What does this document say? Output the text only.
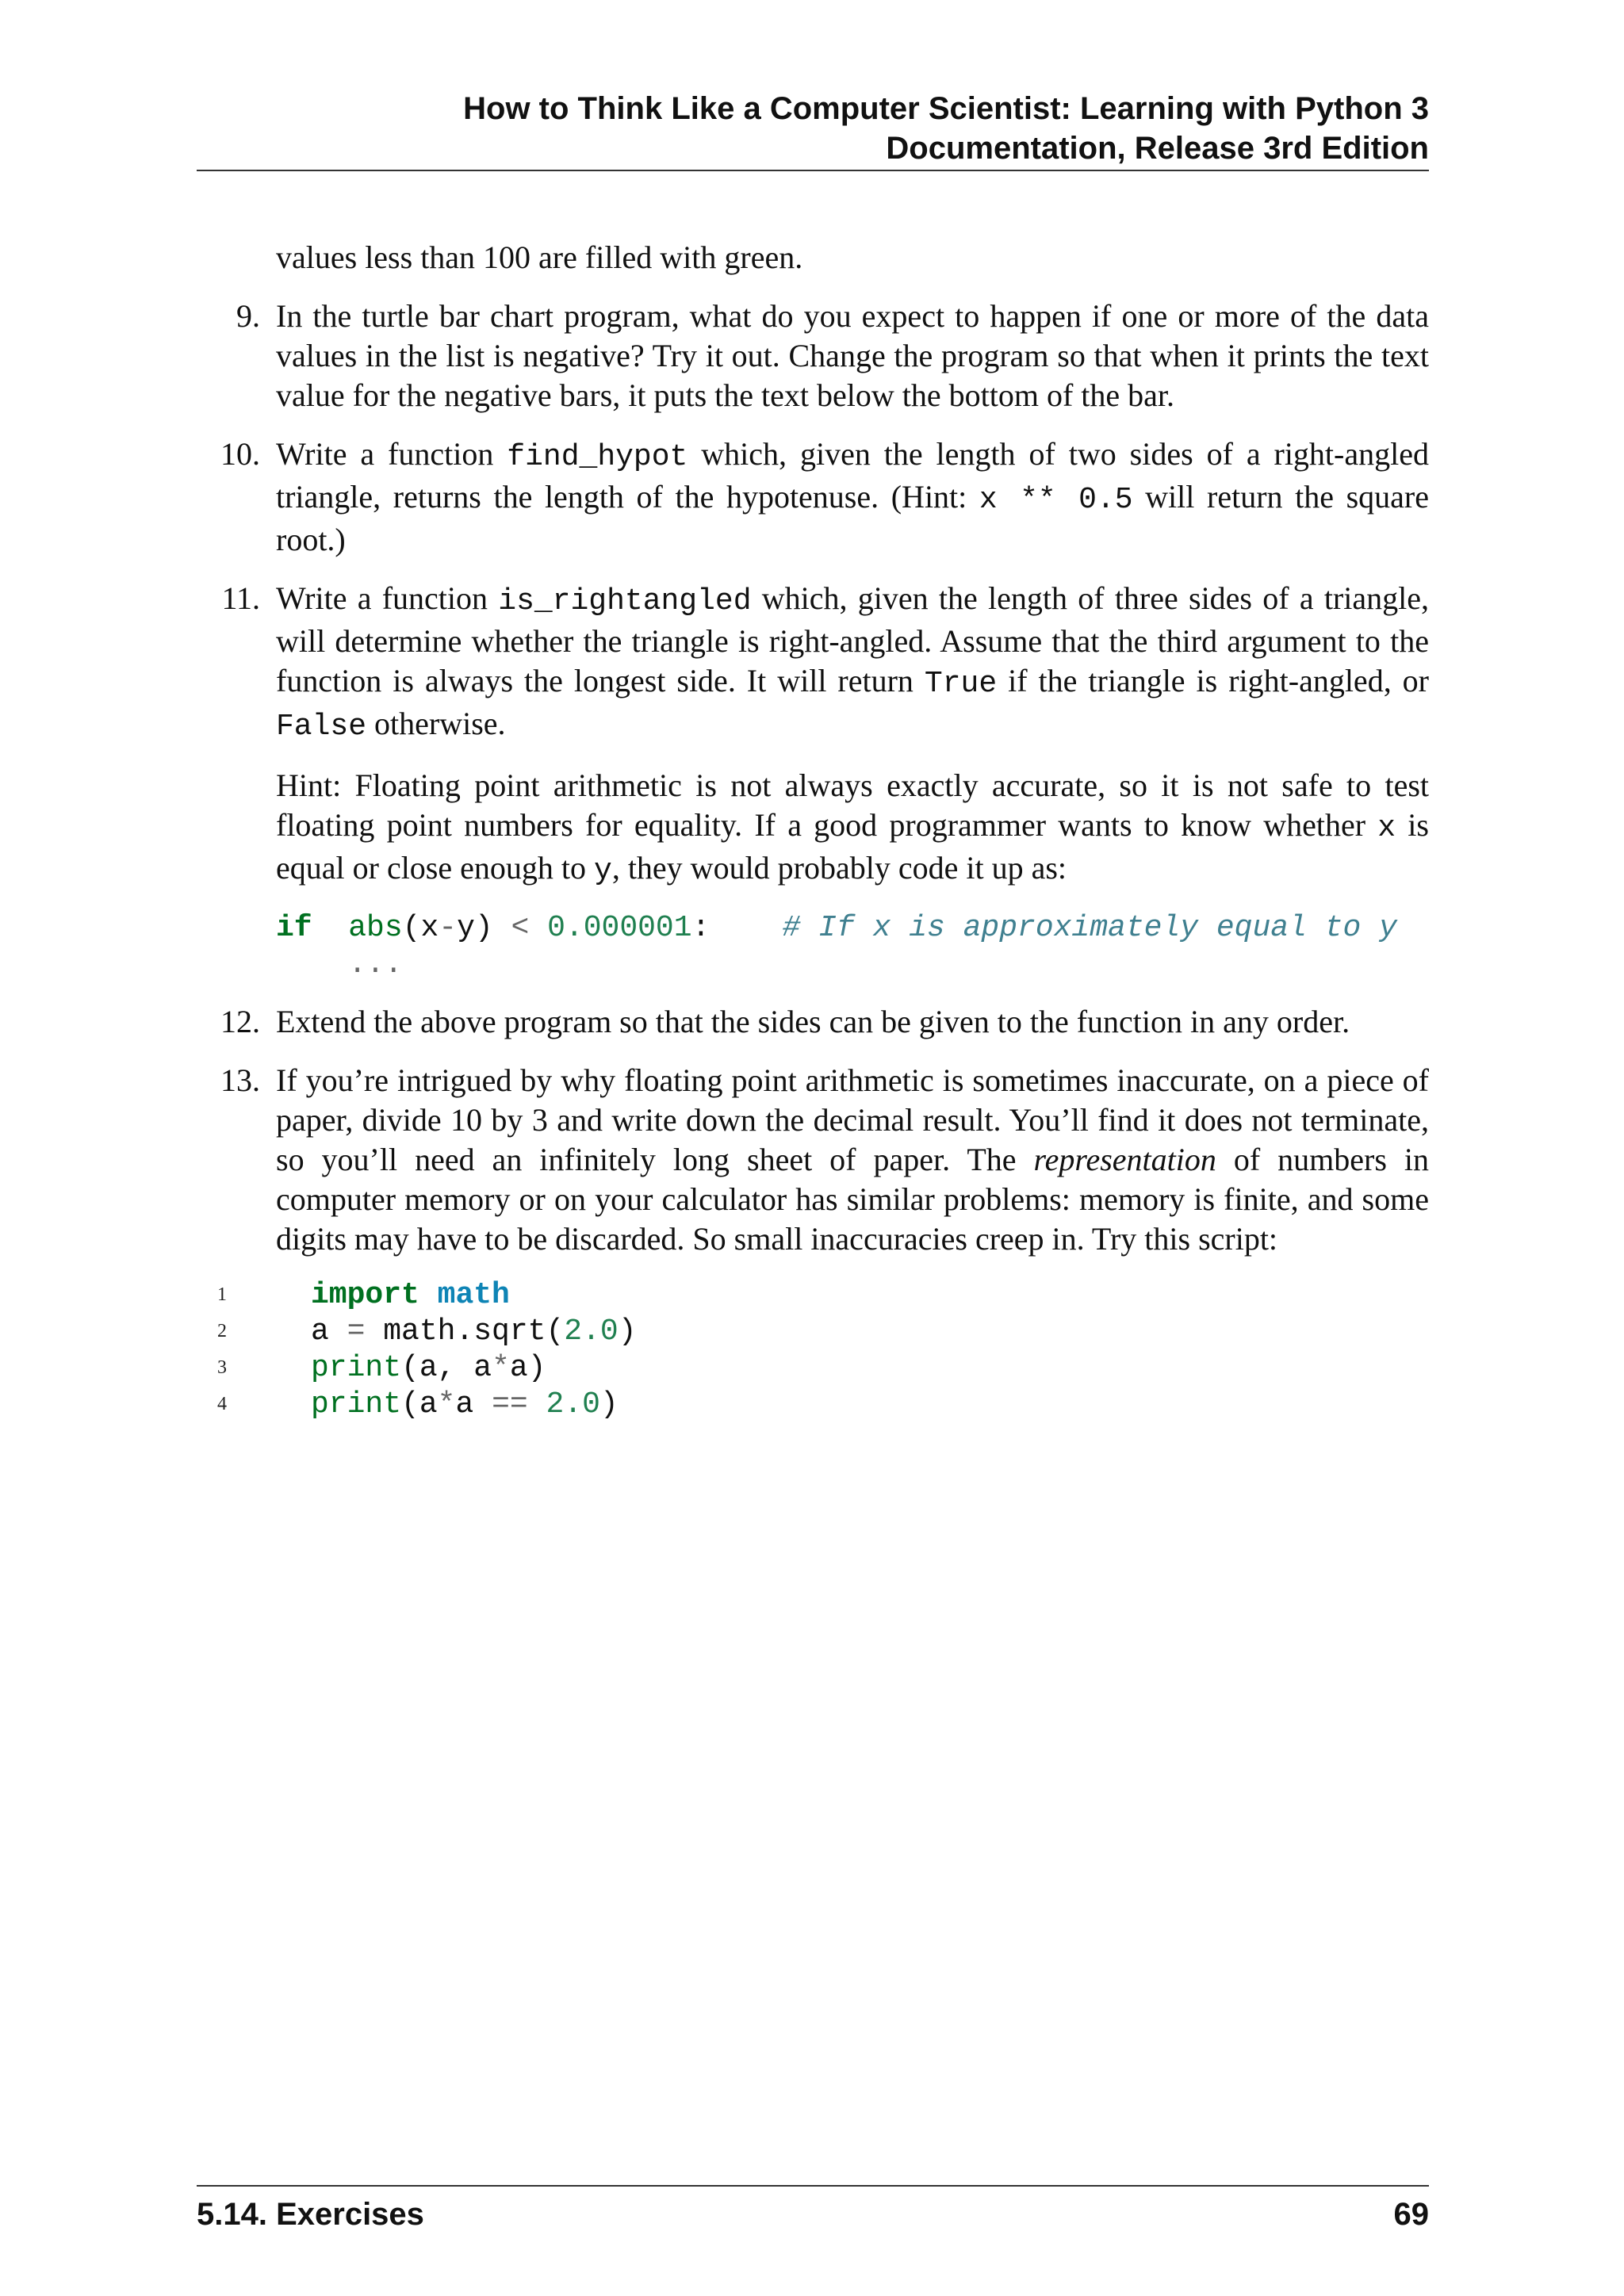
How to Think Like a Computer Scientist: Learning with Python 3
Documentation, Release 3rd Edition
values less than 100 are filled with green.
9. In the turtle bar chart program, what do you expect to happen if one or more of the data values in the list is negative? Try it out. Change the program so that when it prints the text value for the negative bars, it puts the text below the bottom of the bar.
10. Write a function find_hypot which, given the length of two sides of a right-angled triangle, returns the length of the hypotenuse. (Hint: x ** 0.5 will return the square root.)
11. Write a function is_rightangled which, given the length of three sides of a triangle, will determine whether the triangle is right-angled. Assume that the third argument to the function is always the longest side. It will return True if the triangle is right-angled, or False otherwise.
Hint: Floating point arithmetic is not always exactly accurate, so it is not safe to test floating point numbers for equality. If a good programmer wants to know whether x is equal or close enough to y, they would probably code it up as:
if abs(x-y) < 0.000001: # If x is approximately equal to y
...
12. Extend the above program so that the sides can be given to the function in any order.
13. If you’re intrigued by why floating point arithmetic is sometimes inaccurate, on a piece of paper, divide 10 by 3 and write down the decimal result. You’ll find it does not terminate, so you’ll need an infinitely long sheet of paper. The representation of numbers in computer memory or on your calculator has similar problems: memory is finite, and some digits may have to be discarded. So small inaccuracies creep in. Try this script:
1	import math
2	a = math.sqrt(2.0)
3	print(a, a*a)
4	print(a*a == 2.0)
5.14. Exercises	69
